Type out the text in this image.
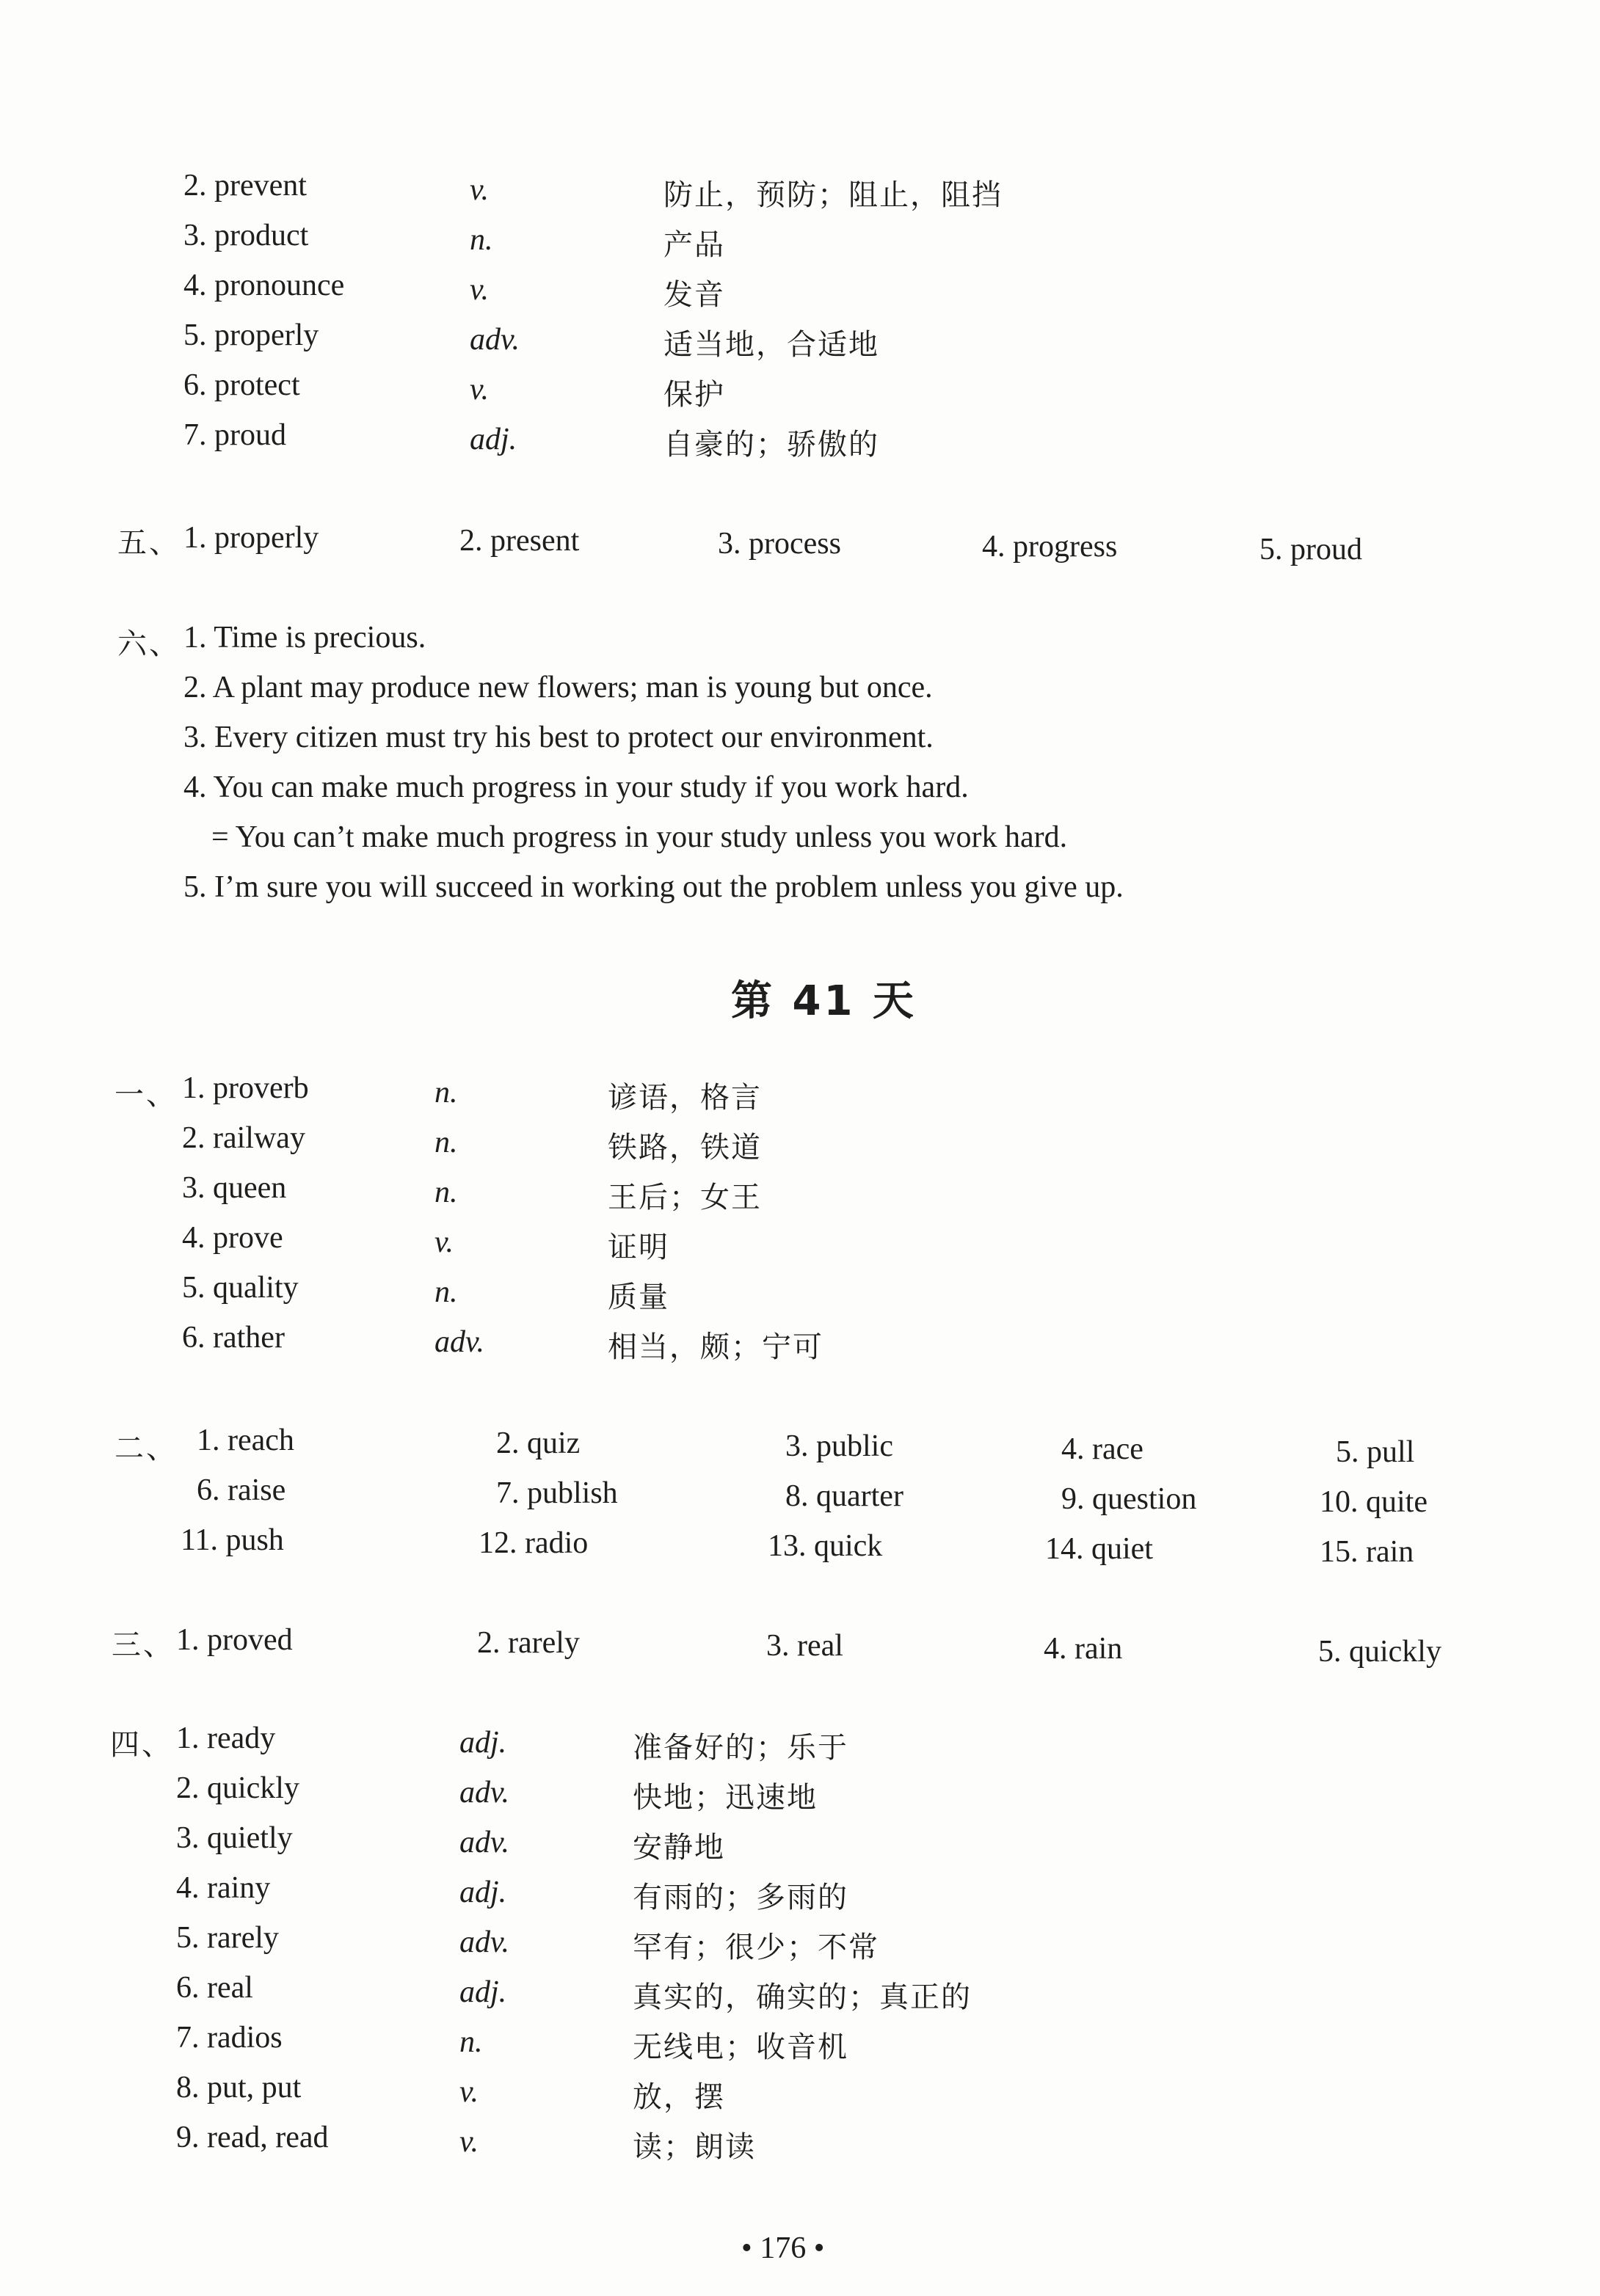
2. prevent	v.	防止，预防；阻止，阻挡
3. product	n.	产品
4. pronounce	v.	发音
5. properly	adv.	适当地，合适地
6. protect	v.	保护
7. proud	adj.	自豪的；骄傲的
五、 1. properly	2. present	3. process	4. progress	5. proud
六、 1. Time is precious.
2. A plant may produce new flowers; man is young but once.
3. Every citizen must try his best to protect our environment.
4. You can make much progress in your study if you work hard.
= You can’t make much progress in your study unless you work hard.
5. I’m sure you will succeed in working out the problem unless you give up.
第 41 天
一、 1. proverb	n.	谚语，格言
2. railway	n.	铁路，铁道
3. queen	n.	王后；女王
4. prove	v.	证明
5. quality	n.	质量
6. rather	adv.	相当，颇；宁可
二、 1. reach	2. quiz	3. public	4. race	5. pull
6. raise	7. publish	8. quarter	9. question	10. quite
11. push	12. radio	13. quick	14. quiet	15. rain
三、 1. proved	2. rarely	3. real	4. rain	5. quickly
四、 1. ready	adj.	准备好的；乐于
2. quickly	adv.	快地；迅速地
3. quietly	adv.	安静地
4. rainy	adj.	有雨的；多雨的
5. rarely	adv.	罕有；很少；不常
6. real	adj.	真实的，确实的；真正的
7. radios	n.	无线电；收音机
8. put, put	v.	放，摆
9. read, read	v.	读；朗读
• 176 •
